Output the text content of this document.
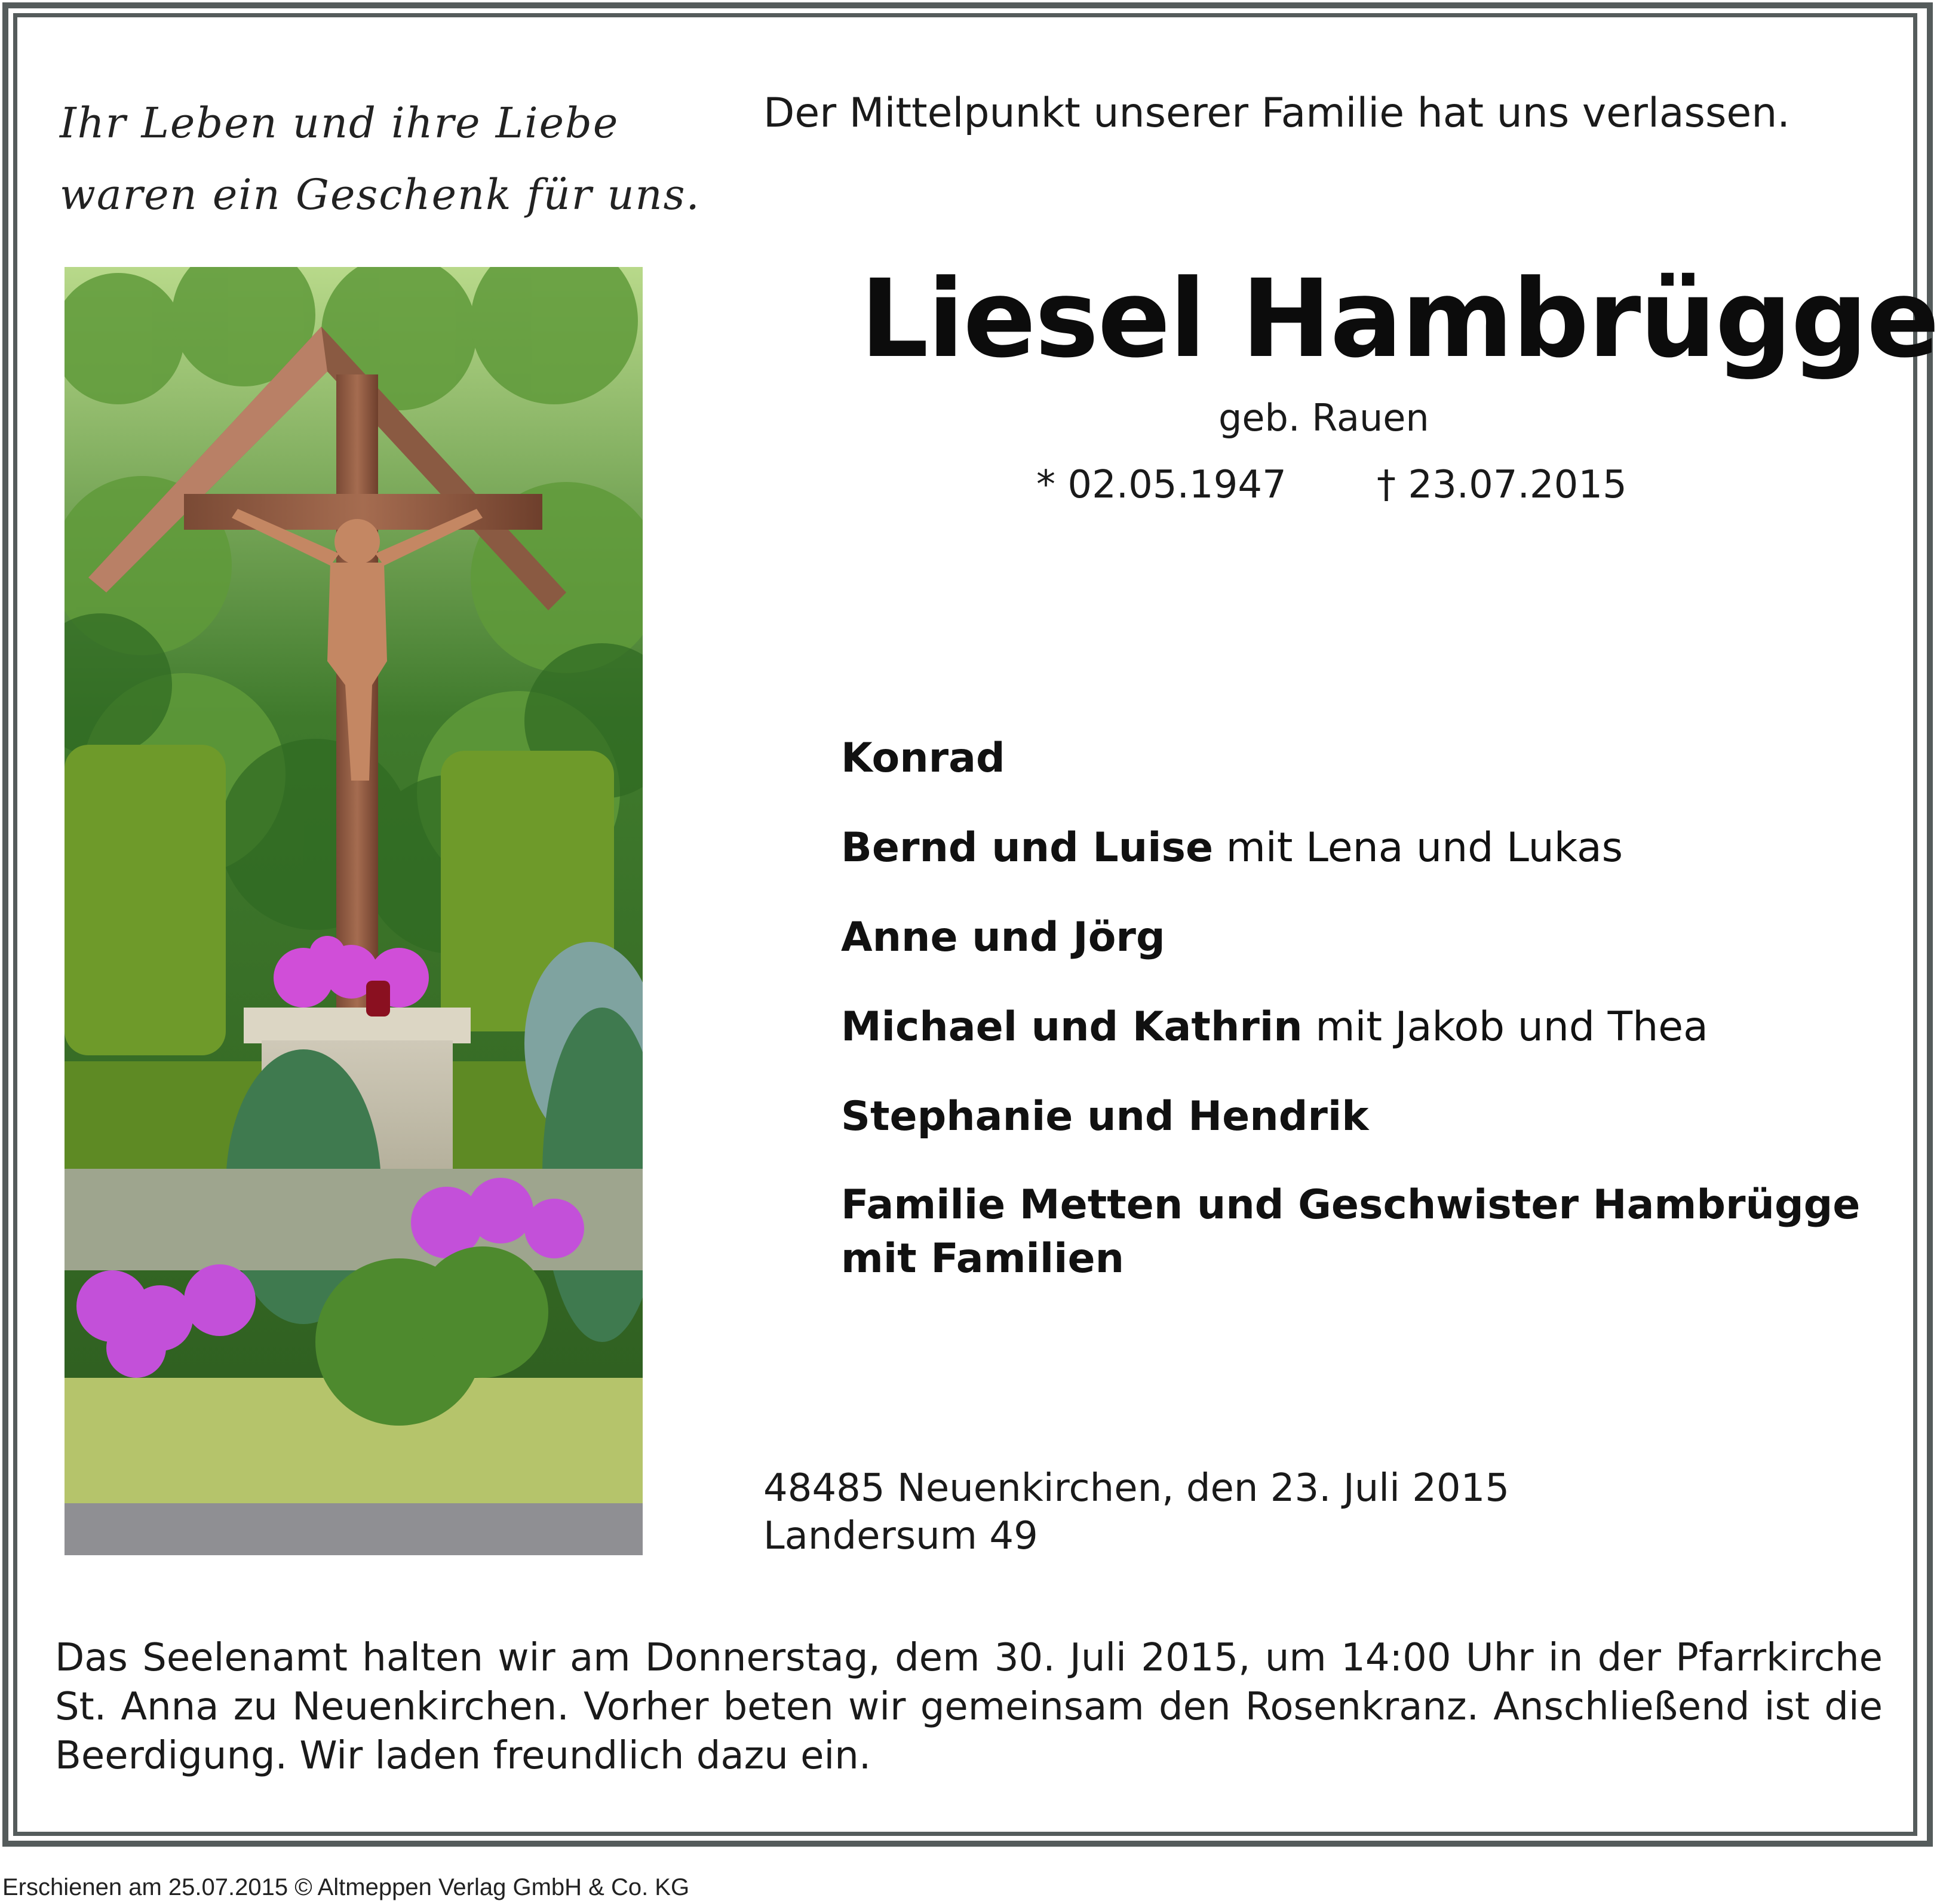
Ihr Leben und ihre Liebe
waren ein Geschenk für uns.
Der Mittelpunkt unserer Familie hat uns verlassen.
Liesel Hambrügge
geb. Rauen
* 02.05.1947 † 23.07.2015
Konrad
Bernd und Luise mit Lena und Lukas
Anne und Jörg
Michael und Kathrin mit Jakob und Thea
Stephanie und Hendrik
Familie Metten und Geschwister Hambrügge
mit Familien
48485 Neuenkirchen, den 23. Juli 2015
Landersum 49
Das Seelenamt halten wir am Donnerstag, dem 30. Juli 2015, um 14:00 Uhr in der Pfarrkirche
St. Anna zu Neuenkirchen. Vorher beten wir gemeinsam den Rosenkranz. Anschließend ist die
Beerdigung. Wir laden freundlich dazu ein.
Erschienen am 25.07.2015 © Altmeppen Verlag GmbH & Co. KG
